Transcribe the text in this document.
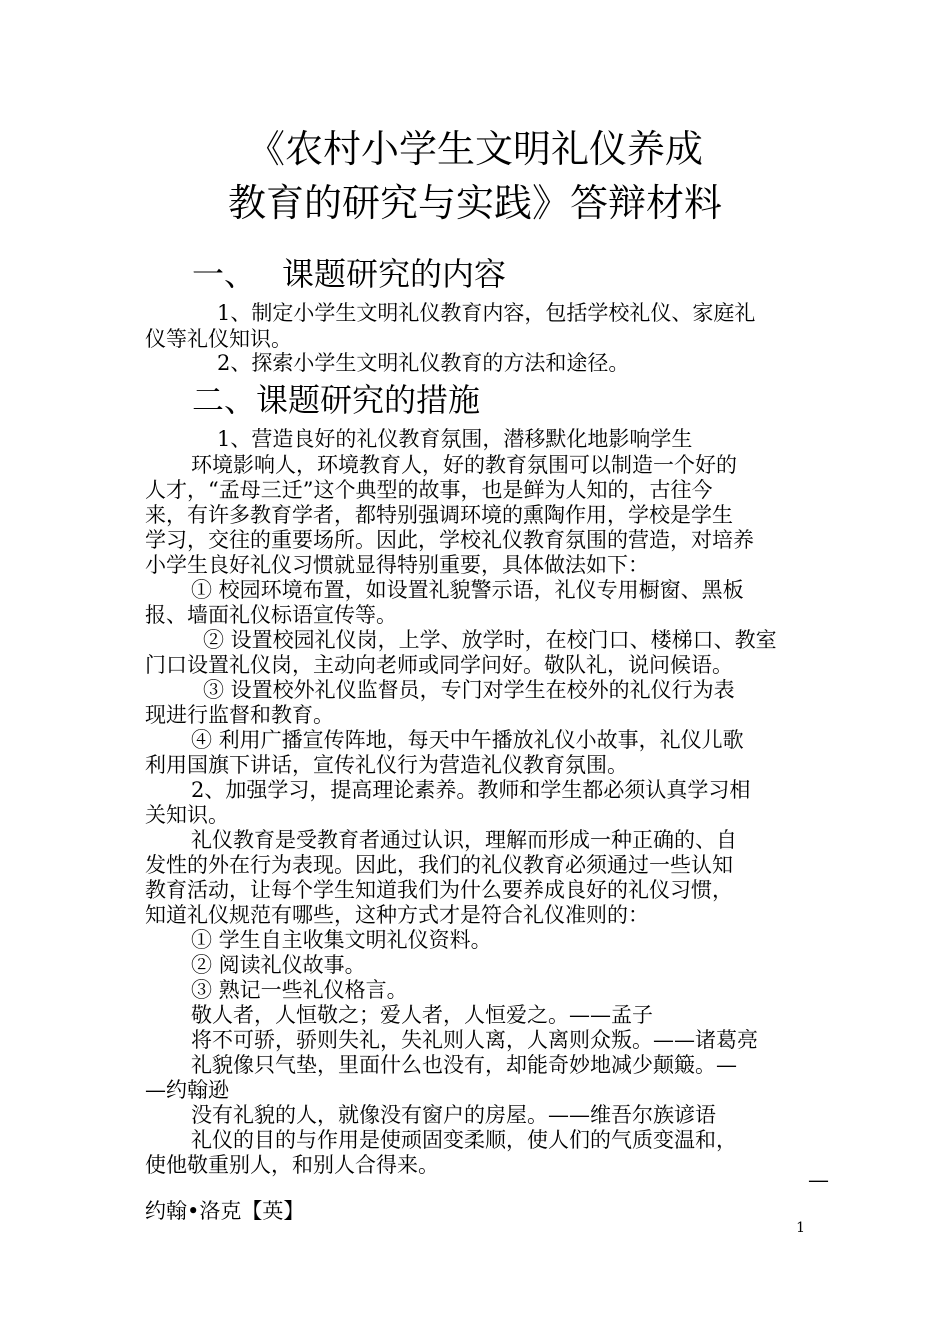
《农村小学生文明礼仪养成
教育的研究与实践》答辩材料
一、 课题研究的内容
1、制定小学生文明礼仪教育内容，包括学校礼仪、家庭礼
仪等礼仪知识。
2、探索小学生文明礼仪教育的方法和途径。
二、课题研究的措施
1、营造良好的礼仪教育氛围，潜移默化地影响学生
环境影响人，环境教育人，好的教育氛围可以制造一个好的
人才，“孟母三迁”这个典型的故事，也是鲜为人知的，古往今
来，有许多教育学者，都特别强调环境的熏陶作用，学校是学生
学习，交往的重要场所。因此，学校礼仪教育氛围的营造，对培养
小学生良好礼仪习惯就显得特别重要，具体做法如下：
① 校园环境布置，如设置礼貌警示语，礼仪专用橱窗、黑板
报、墙面礼仪标语宣传等。
② 设置校园礼仪岗，上学、放学时，在校门口、楼梯口、教室
门口设置礼仪岗，主动向老师或同学问好。敬队礼，说问候语。
③ 设置校外礼仪监督员，专门对学生在校外的礼仪行为表
现进行监督和教育。
④ 利用广播宣传阵地，每天中午播放礼仪小故事，礼仪儿歌
利用国旗下讲话，宣传礼仪行为营造礼仪教育氛围。
2、加强学习，提高理论素养。教师和学生都必须认真学习相
关知识。
礼仪教育是受教育者通过认识，理解而形成一种正确的、自
发性的外在行为表现。因此，我们的礼仪教育必须通过一些认知
教育活动，让每个学生知道我们为什么要养成良好的礼仪习惯，
知道礼仪规范有哪些，这种方式才是符合礼仪准则的：
① 学生自主收集文明礼仪资料。
② 阅读礼仪故事。
③ 熟记一些礼仪格言。
敬人者，人恒敬之；爱人者，人恒爱之。——孟子
将不可骄，骄则失礼，失礼则人离，人离则众叛。——诸葛亮
礼貌像只气垫，里面什么也没有，却能奇妙地减少颠簸。—
—约翰逊
没有礼貌的人，就像没有窗户的房屋。——维吾尔族谚语
礼仪的目的与作用是使顽固变柔顺，使人们的气质变温和，
使他敬重别人，和别人合得来。
—
约翰•洛克【英】
1
